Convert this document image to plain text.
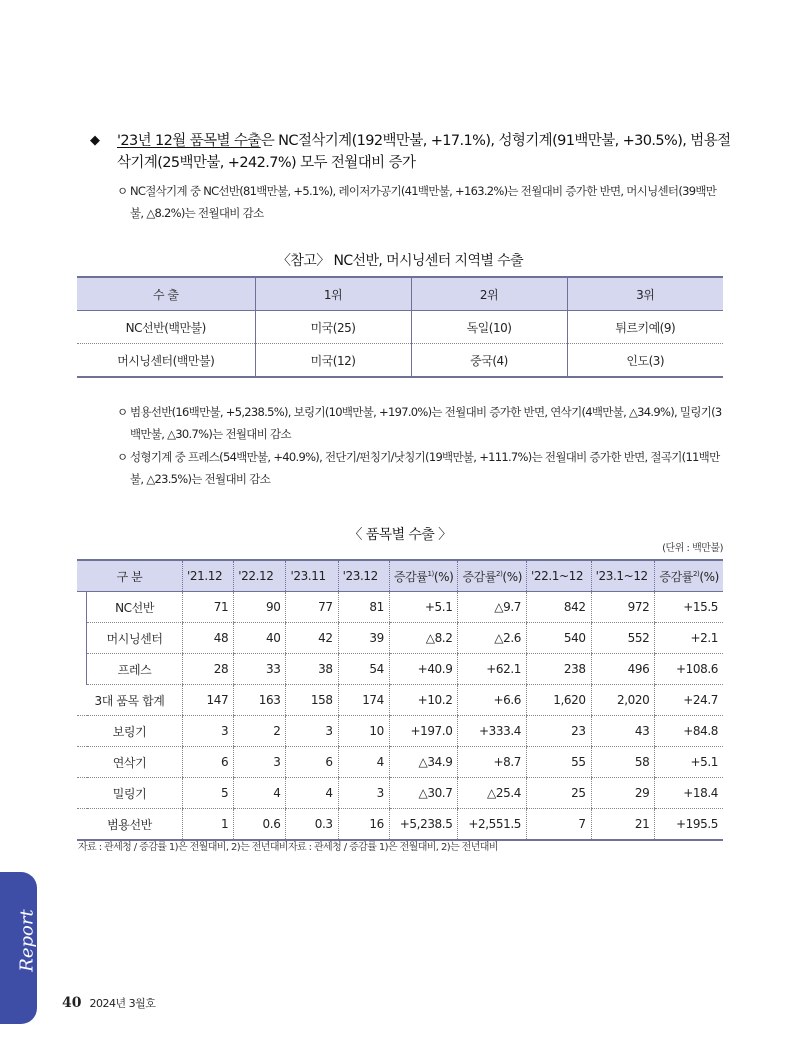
◆	'23년 12월 품목별 수출은 NC절삭기계(192백만불, +17.1%), 성형기계(91백만불, +30.5%), 범용절삭기계(25백만불, +242.7%) 모두 전월대비 증가
ㅇ NC절삭기계 중 NC선반(81백만불, +5.1%), 레이저가공기(41백만불, +163.2%)는 전월대비 증가한 반면, 머시닝센터(39백만불, △8.2%)는 전월대비 감소
〈참고〉 NC선반, 머시닝센터 지역별 수출
수 출	1위	2위	3위
NC선반(백만불)	미국(25)	독일(10)	튀르키예(9)
머시닝센터(백만불)	미국(12)	중국(4)	인도(3)
ㅇ 범용선반(16백만불, +5,238.5%), 보링기(10백만불, +197.0%)는 전월대비 증가한 반면, 연삭기(4백만불, △34.9%), 밀링기(3백만불, △30.7%)는 전월대비 감소
ㅇ 성형기계 중 프레스(54백만불, +40.9%), 전단기/펀칭기/낫칭기(19백만불, +111.7%)는 전월대비 증가한 반면, 절곡기(11백만불, △23.5%)는 전월대비 감소
〈 품목별 수출 〉
(단위 : 백만불)
구 분		'21.12	'22.12	'23.11	'23.12	증감률$^{1)}$(%)	증감률$^{2)}$(%)	'22.1~12	'23.1~12	증감률$^{2)}$(%)
	NC선반	71	90	77	81	+5.1	△9.7	842	972	+15.5
	머시닝센터	48	40	42	39	△8.2	△2.6	540	552	+2.1
	프레스	28	33	38	54	+40.9	+62.1	238	496	+108.6
3대 품목 합계		147	163	158	174	+10.2	+6.6	1,620	2,020	+24.7
보링기		3	2	3	10	+197.0	+333.4	23	43	+84.8
연삭기		6	3	6	4	△34.9	+8.7	55	58	+5.1
밀링기		5	4	4	3	△30.7	△25.4	25	29	+18.4
범용선반		1	0.6	0.3	16	+5,238.5	+2,551.5	7	21	+195.5
자료 : 관세청 / 증감률 1)은 전월대비, 2)는 전년대비자료 : 관세청 / 증감률 1)은 전월대비, 2)는 전년대비
Report
40 2024년 3월호
